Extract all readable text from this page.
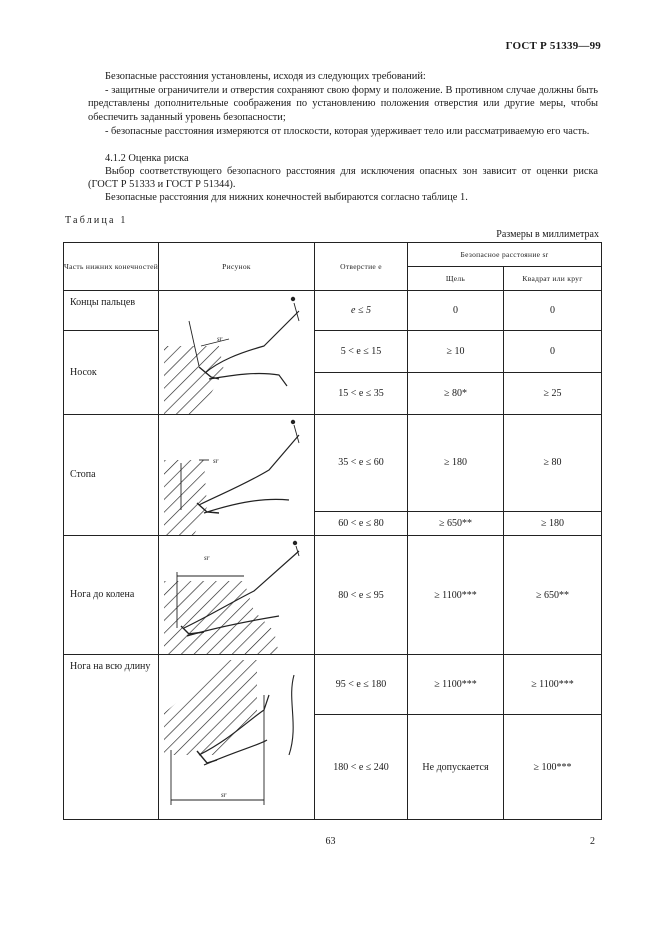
ГОСТ Р 51339—99
Безопасные расстояния установлены, исходя из следующих требований:
- защитные ограничители и отверстия сохраняют свою форму и положение. В противном случае должны быть представлены дополнительные соображения по установлению положения отверстия или другие меры, чтобы обеспечить заданный уровень безопасности;
- безопасные расстояния измеряются от плоскости, которая удерживает тело или рассматриваемую его часть.
4.1.2 Оценка риска
Выбор соответствующего безопасного расстояния для исключения опасных зон зависит от оценки риска (ГОСТ Р 51333 и ГОСТ Р 51344).
Безопасные расстояния для нижних конечностей выбираются согласно таблице 1.
Таблица 1
Размеры в миллиметрах
Часть нижних конечностей	Рисунок	Отверстие e	Безопасное расстояние sr	
			Щель	Квадрат или круг
Концы пальцев	sr	e ≤ 5	0	0
Носок		5 < e ≤ 15	≥ 10	0
		15 < e ≤ 35	≥ 80*	≥ 25
Стопа	sr	35 < e ≤ 60	≥ 180	≥ 80
		60 < e ≤ 80	≥ 650**	≥ 180
Нога до колена	sr	80 < e ≤ 95	≥ 1100***	≥ 650**

Нога на всю длину	sr	95 < e ≤ 180	≥ 1100***	≥ 1100***
		180 < e ≤ 240	Не допускается	≥ 100***
63	2
